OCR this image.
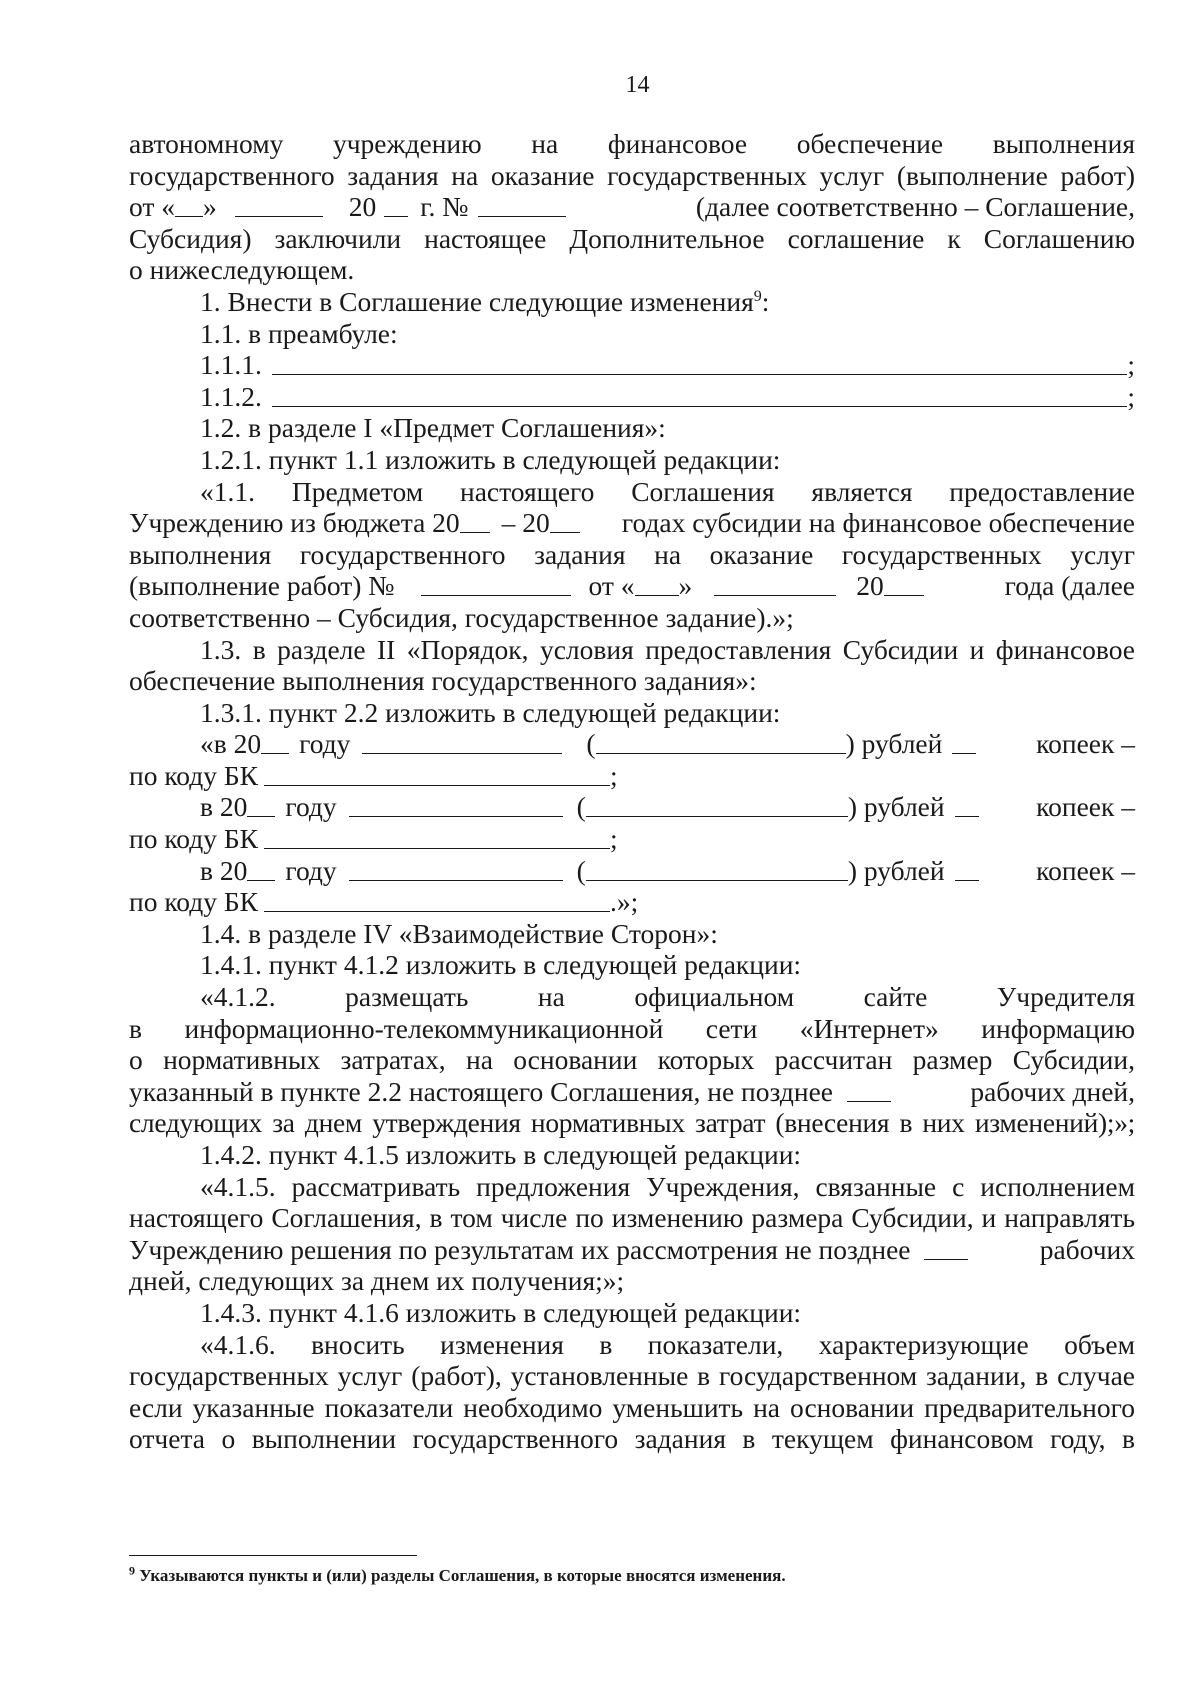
14
автономному учреждению на финансовое обеспечение выполнения
государственного задания на оказание государственных услуг (выполнение работ)
от « »	20 г. №	(далее соответственно – Соглашение,
Субсидия) заключили настоящее Дополнительное соглашение к Соглашению
о нижеследующем.
1. Внести в Соглашение следующие изменения$^9$:
1.1. в преамбуле:
1.1.1.	;
1.1.2.	;
1.2. в разделе I «Предмет Соглашения»:
1.2.1. пункт 1.1 изложить в следующей редакции:
«1.1. Предметом настоящего Соглашения является предоставление
Учреждению из бюджета 20 – 20	годах субсидии на финансовое обеспечение
выполнения государственного задания на оказание государственных услуг
(выполнение работ) №	от « »	20	года (далее
соответственно – Субсидия, государственное задание).»;
1.3. в разделе II «Порядок, условия предоставления Субсидии и финансовое
обеспечение выполнения государственного задания»:
1.3.1. пункт 2.2 изложить в следующей редакции:
«в 20 году	(	) рублей	копеек –
по коду БК	;
в 20 году	(	) рублей	копеек –
по коду БК	;
в 20 году	(	) рублей	копеек –
по коду БК	.»;
1.4. в разделе IV «Взаимодействие Сторон»:
1.4.1. пункт 4.1.2 изложить в следующей редакции:
«4.1.2. размещать на официальном сайте Учредителя
в информационно-телекоммуникационной сети «Интернет» информацию
о нормативных затратах, на основании которых рассчитан размер Субсидии,
указанный в пункте 2.2 настоящего Соглашения, не позднее	рабочих дней,
следующих за днем утверждения нормативных затрат (внесения в них изменений);»;
1.4.2. пункт 4.1.5 изложить в следующей редакции:
«4.1.5. рассматривать предложения Учреждения, связанные с исполнением
настоящего Соглашения, в том числе по изменению размера Субсидии, и направлять
Учреждению решения по результатам их рассмотрения не позднее	рабочих
дней, следующих за днем их получения;»;
1.4.3. пункт 4.1.6 изложить в следующей редакции:
«4.1.6. вносить изменения в показатели, характеризующие объем
государственных услуг (работ), установленные в государственном задании, в случае
если указанные показатели необходимо уменьшить на основании предварительного
отчета о выполнении государственного задания в текущем финансовом году, в
$^9$ Указываются пункты и (или) разделы Соглашения, в которые вносятся изменения.
